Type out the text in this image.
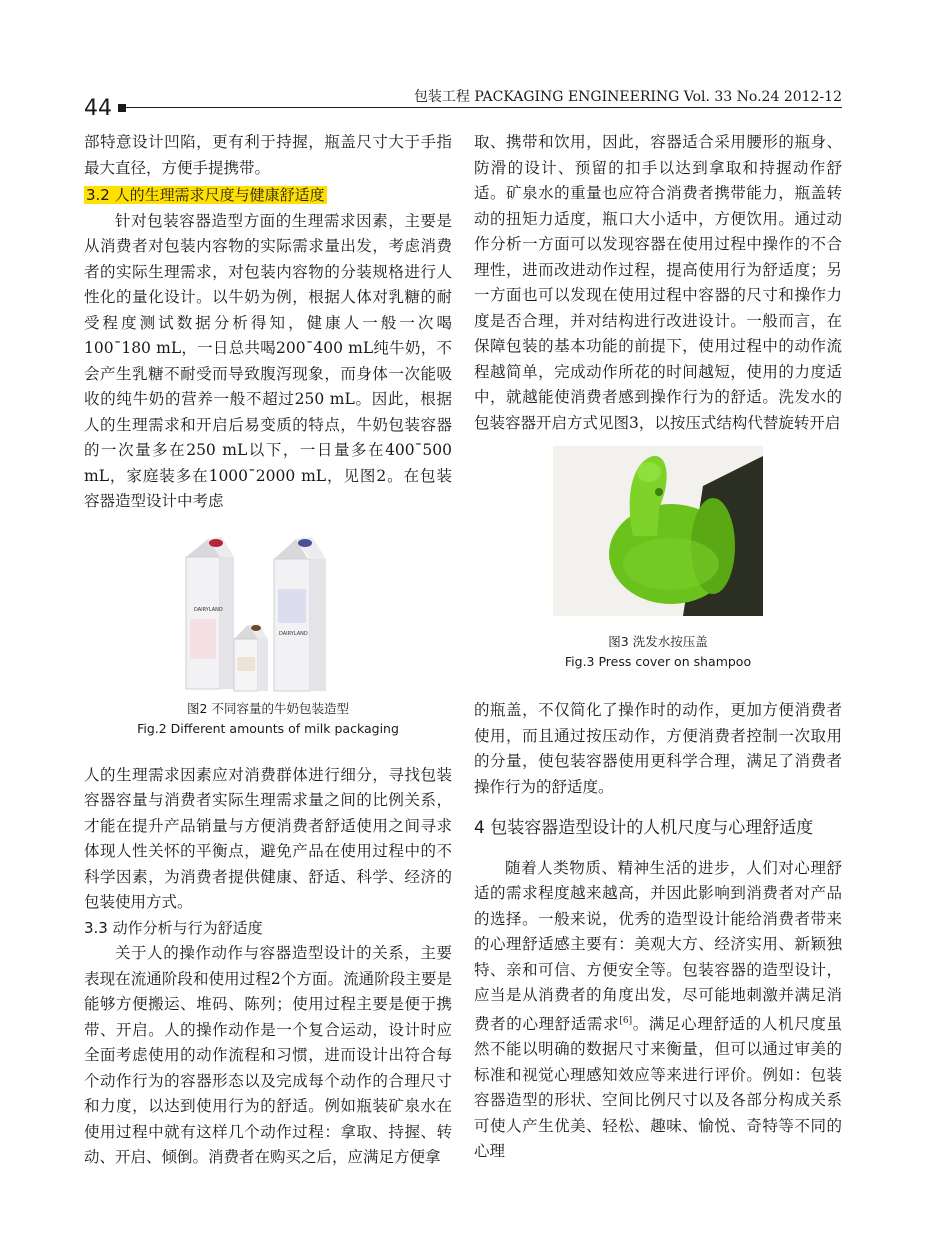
44	包装工程 PACKAGING ENGINEERING Vol. 33 No.24 2012-12

部特意设计凹陷，更有利于持握，瓶盖尺寸大于手指最大直径，方便手提携带。

3.2 人的生理需求尺度与健康舒适度

针对包装容器造型方面的生理需求因素，主要是从消费者对包装内容物的实际需求量出发，考虑消费者的实际生理需求，对包装内容物的分装规格进行人性化的量化设计。以牛奶为例，根据人体对乳糖的耐受程度测试数据分析得知，健康人一般一次喝100¯180 mL，一日总共喝200¯400 mL纯牛奶，不会产生乳糖不耐受而导致腹泻现象，而身体一次能吸收的纯牛奶的营养一般不超过250 mL。因此，根据人的生理需求和开启后易变质的特点，牛奶包装容器的一次量多在250 mL以下，一日量多在400¯500 mL，家庭装多在1000¯2000 mL，见图2。在包装容器造型设计中考虑

DAIRYLAND
DAIRYLAND
图2 不同容量的牛奶包装造型
Fig.2 Different amounts of milk packaging

人的生理需求因素应对消费群体进行细分，寻找包装容器容量与消费者实际生理需求量之间的比例关系，才能在提升产品销量与方便消费者舒适使用之间寻求体现人性关怀的平衡点，避免产品在使用过程中的不科学因素，为消费者提供健康、舒适、科学、经济的包装使用方式。

3.3 动作分析与行为舒适度

关于人的操作动作与容器造型设计的关系，主要表现在流通阶段和使用过程2个方面。流通阶段主要是能够方便搬运、堆码、陈列；使用过程主要是便于携带、开启。人的操作动作是一个复合运动，设计时应全面考虑使用的动作流程和习惯，进而设计出符合每个动作行为的容器形态以及完成每个动作的合理尺寸和力度，以达到使用行为的舒适。例如瓶装矿泉水在使用过程中就有这样几个动作过程：拿取、持握、转动、开启、倾倒。消费者在购买之后，应满足方便拿

取、携带和饮用，因此，容器适合采用腰形的瓶身、防滑的设计、预留的扣手以达到拿取和持握动作舒适。矿泉水的重量也应符合消费者携带能力，瓶盖转动的扭矩力适度，瓶口大小适中，方便饮用。通过动作分析一方面可以发现容器在使用过程中操作的不合理性，进而改进动作过程，提高使用行为舒适度；另一方面也可以发现在使用过程中容器的尺寸和操作力度是否合理，并对结构进行改进设计。一般而言，在保障包装的基本功能的前提下，使用过程中的动作流程越简单，完成动作所花的时间越短，使用的力度适中，就越能使消费者感到操作行为的舒适。洗发水的包装容器开启方式见图3，以按压式结构代替旋转开启

图3 洗发水按压盖
Fig.3 Press cover on shampoo

的瓶盖，不仅简化了操作时的动作，更加方便消费者使用，而且通过按压动作，方便消费者控制一次取用的分量，使包装容器使用更科学合理，满足了消费者操作行为的舒适度。

4 包装容器造型设计的人机尺度与心理舒适度

随着人类物质、精神生活的进步，人们对心理舒适的需求程度越来越高，并因此影响到消费者对产品的选择。一般来说，优秀的造型设计能给消费者带来的心理舒适感主要有：美观大方、经济实用、新颖独特、亲和可信、方便安全等。包装容器的造型设计，应当是从消费者的角度出发，尽可能地刺激并满足消费者的心理舒适需求[6]。满足心理舒适的人机尺度虽然不能以明确的数据尺寸来衡量，但可以通过审美的标准和视觉心理感知效应等来进行评价。例如：包装容器造型的形状、空间比例尺寸以及各部分构成关系可使人产生优美、轻松、趣味、愉悦、奇特等不同的心理
